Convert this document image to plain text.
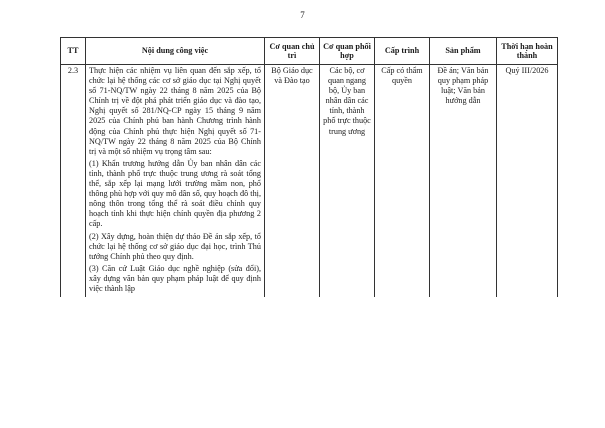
7
TT	Nội dung công việc	Cơ quan chủ trì	Cơ quan phối hợp	Cấp trình	Sản phẩm	Thời hạn hoàn thành
2.3	Thực hiện các nhiệm vụ liên quan đến sắp xếp, tổ chức lại hệ thống các cơ sở giáo dục tại Nghị quyết số 71-NQ/TW ngày 22 tháng 8 năm 2025 của Bộ Chính trị về đột phá phát triển giáo dục và đào tạo, Nghị quyết số 281/NQ-CP ngày 15 tháng 9 năm 2025 của Chính phủ ban hành Chương trình hành động của Chính phủ thực hiện Nghị quyết số 71-NQ/TW ngày 22 tháng 8 năm 2025 của Bộ Chính trị và một số nhiệm vụ trọng tâm sau:

(1) Khẩn trương hướng dẫn Ủy ban nhân dân các tỉnh, thành phố trực thuộc trung ương rà soát tổng thể, sắp xếp lại mạng lưới trường mầm non, phổ thông phù hợp với quy mô dân số, quy hoạch đô thị, nông thôn trong tổng thể rà soát điều chỉnh quy hoạch tỉnh khi thực hiện chính quyền địa phương 2 cấp.

(2) Xây dựng, hoàn thiện dự thảo Đề án sắp xếp, tổ chức lại hệ thống cơ sở giáo dục đại học, trình Thủ tướng Chính phủ theo quy định.

(3) Căn cứ Luật Giáo dục nghề nghiệp (sửa đổi), xây dựng văn bản quy phạm pháp luật để quy định việc thành lập	Bộ Giáo dục và Đào tạo	Các bộ, cơ quan ngang bộ, Ủy ban nhân dân các tỉnh, thành phố trực thuộc trung ương	Cấp có thẩm quyền	Đề án; Văn bản quy phạm pháp luật; Văn bản hướng dẫn	Quý III/2026
